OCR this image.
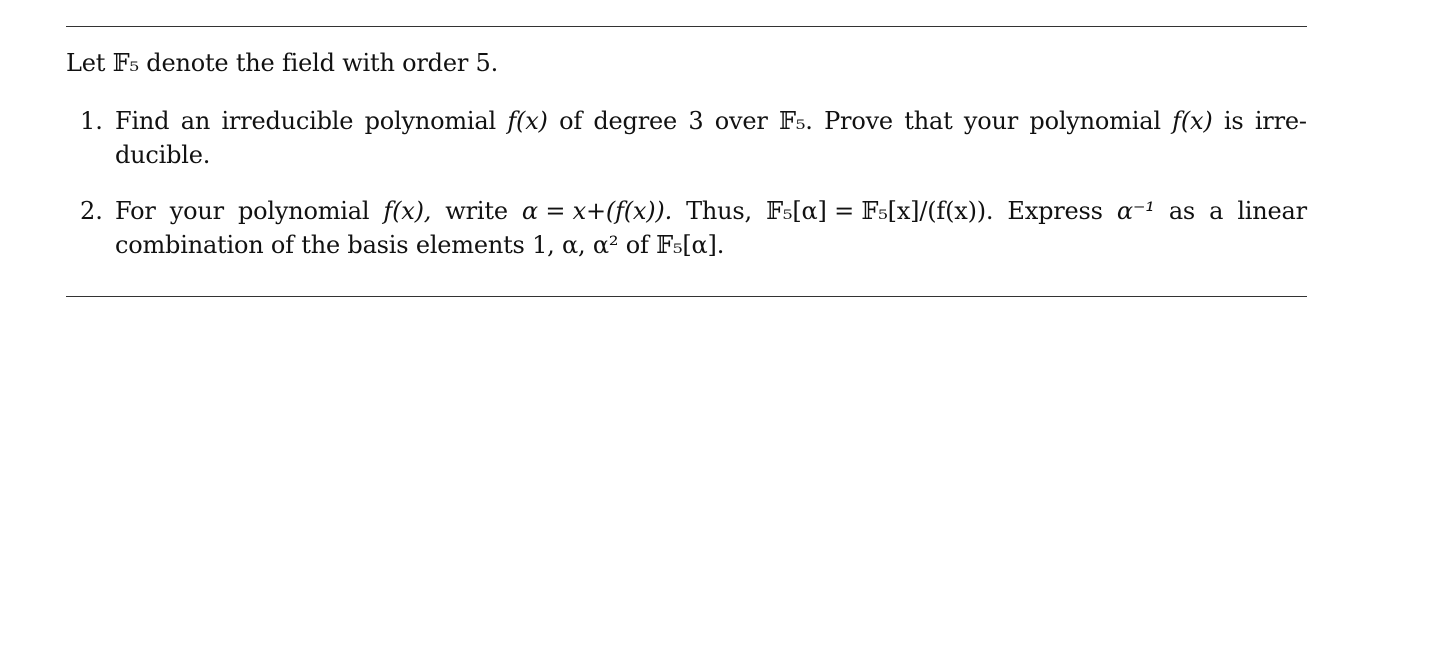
Let 𝔽₅ denote the field with order 5.
1. Find an irreducible polynomial f(x) of degree 3 over 𝔽₅. Prove that your polynomial f(x) is irre-
ducible.
2. For your polynomial f(x), write α = x+(f(x)). Thus, 𝔽₅[α] = 𝔽₅[x]/(f(x)). Express α⁻¹ as a linear
combination of the basis elements 1, α, α² of 𝔽₅[α].
